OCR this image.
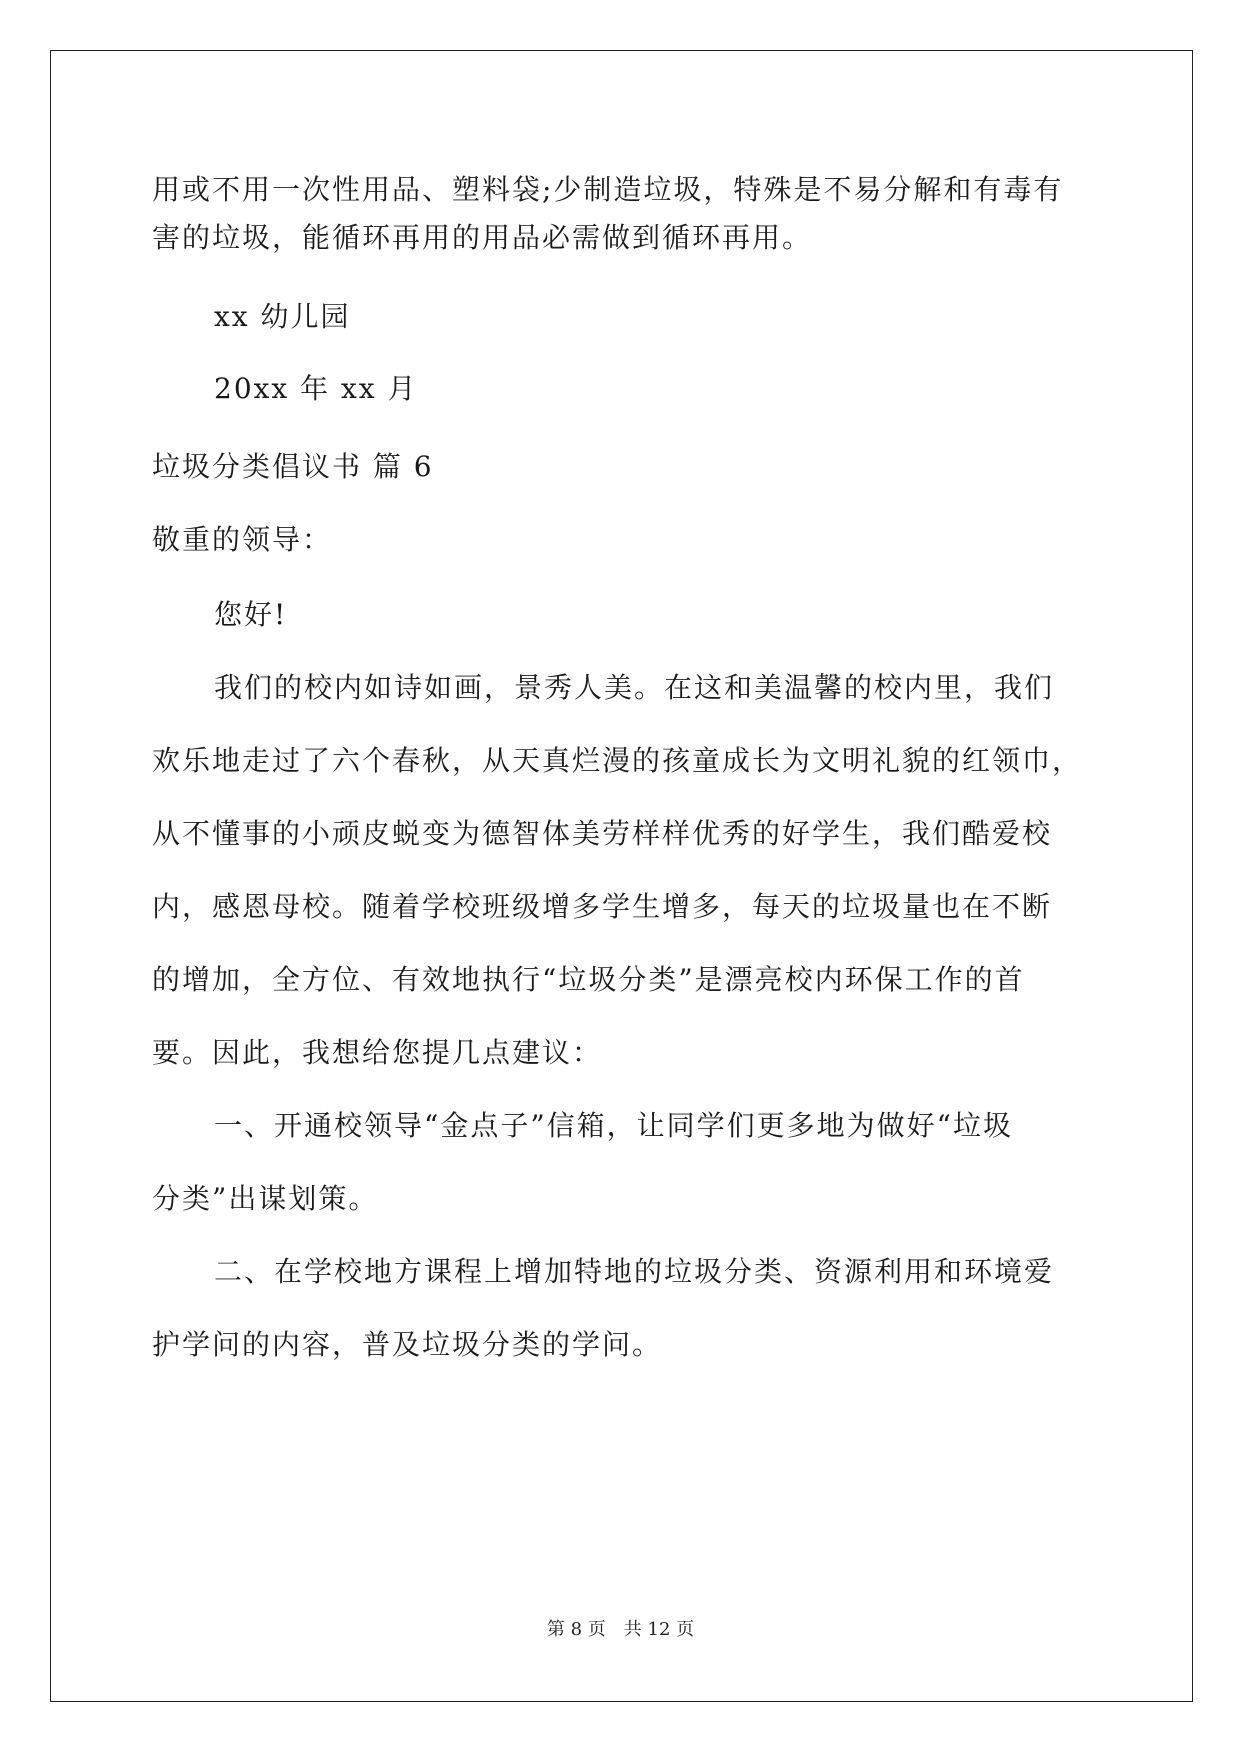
用或不用一次性用品、塑料袋;少制造垃圾，特殊是不易分解和有毒有
害的垃圾，能循环再用的用品必需做到循环再用。
xx 幼儿园
20xx 年 xx 月
垃圾分类倡议书 篇 6
敬重的领导：
您好!
我们的校内如诗如画，景秀人美。在这和美温馨的校内里，我们
欢乐地走过了六个春秋，从天真烂漫的孩童成长为文明礼貌的红领巾，
从不懂事的小顽皮蜕变为德智体美劳样样优秀的好学生，我们酷爱校
内，感恩母校。随着学校班级增多学生增多，每天的垃圾量也在不断
的增加，全方位、有效地执行“垃圾分类”是漂亮校内环保工作的首
要。因此，我想给您提几点建议：
一、开通校领导“金点子”信箱，让同学们更多地为做好“垃圾
分类”出谋划策。
二、在学校地方课程上增加特地的垃圾分类、资源利用和环境爱
护学问的内容，普及垃圾分类的学问。
第 8 页 共 12 页
